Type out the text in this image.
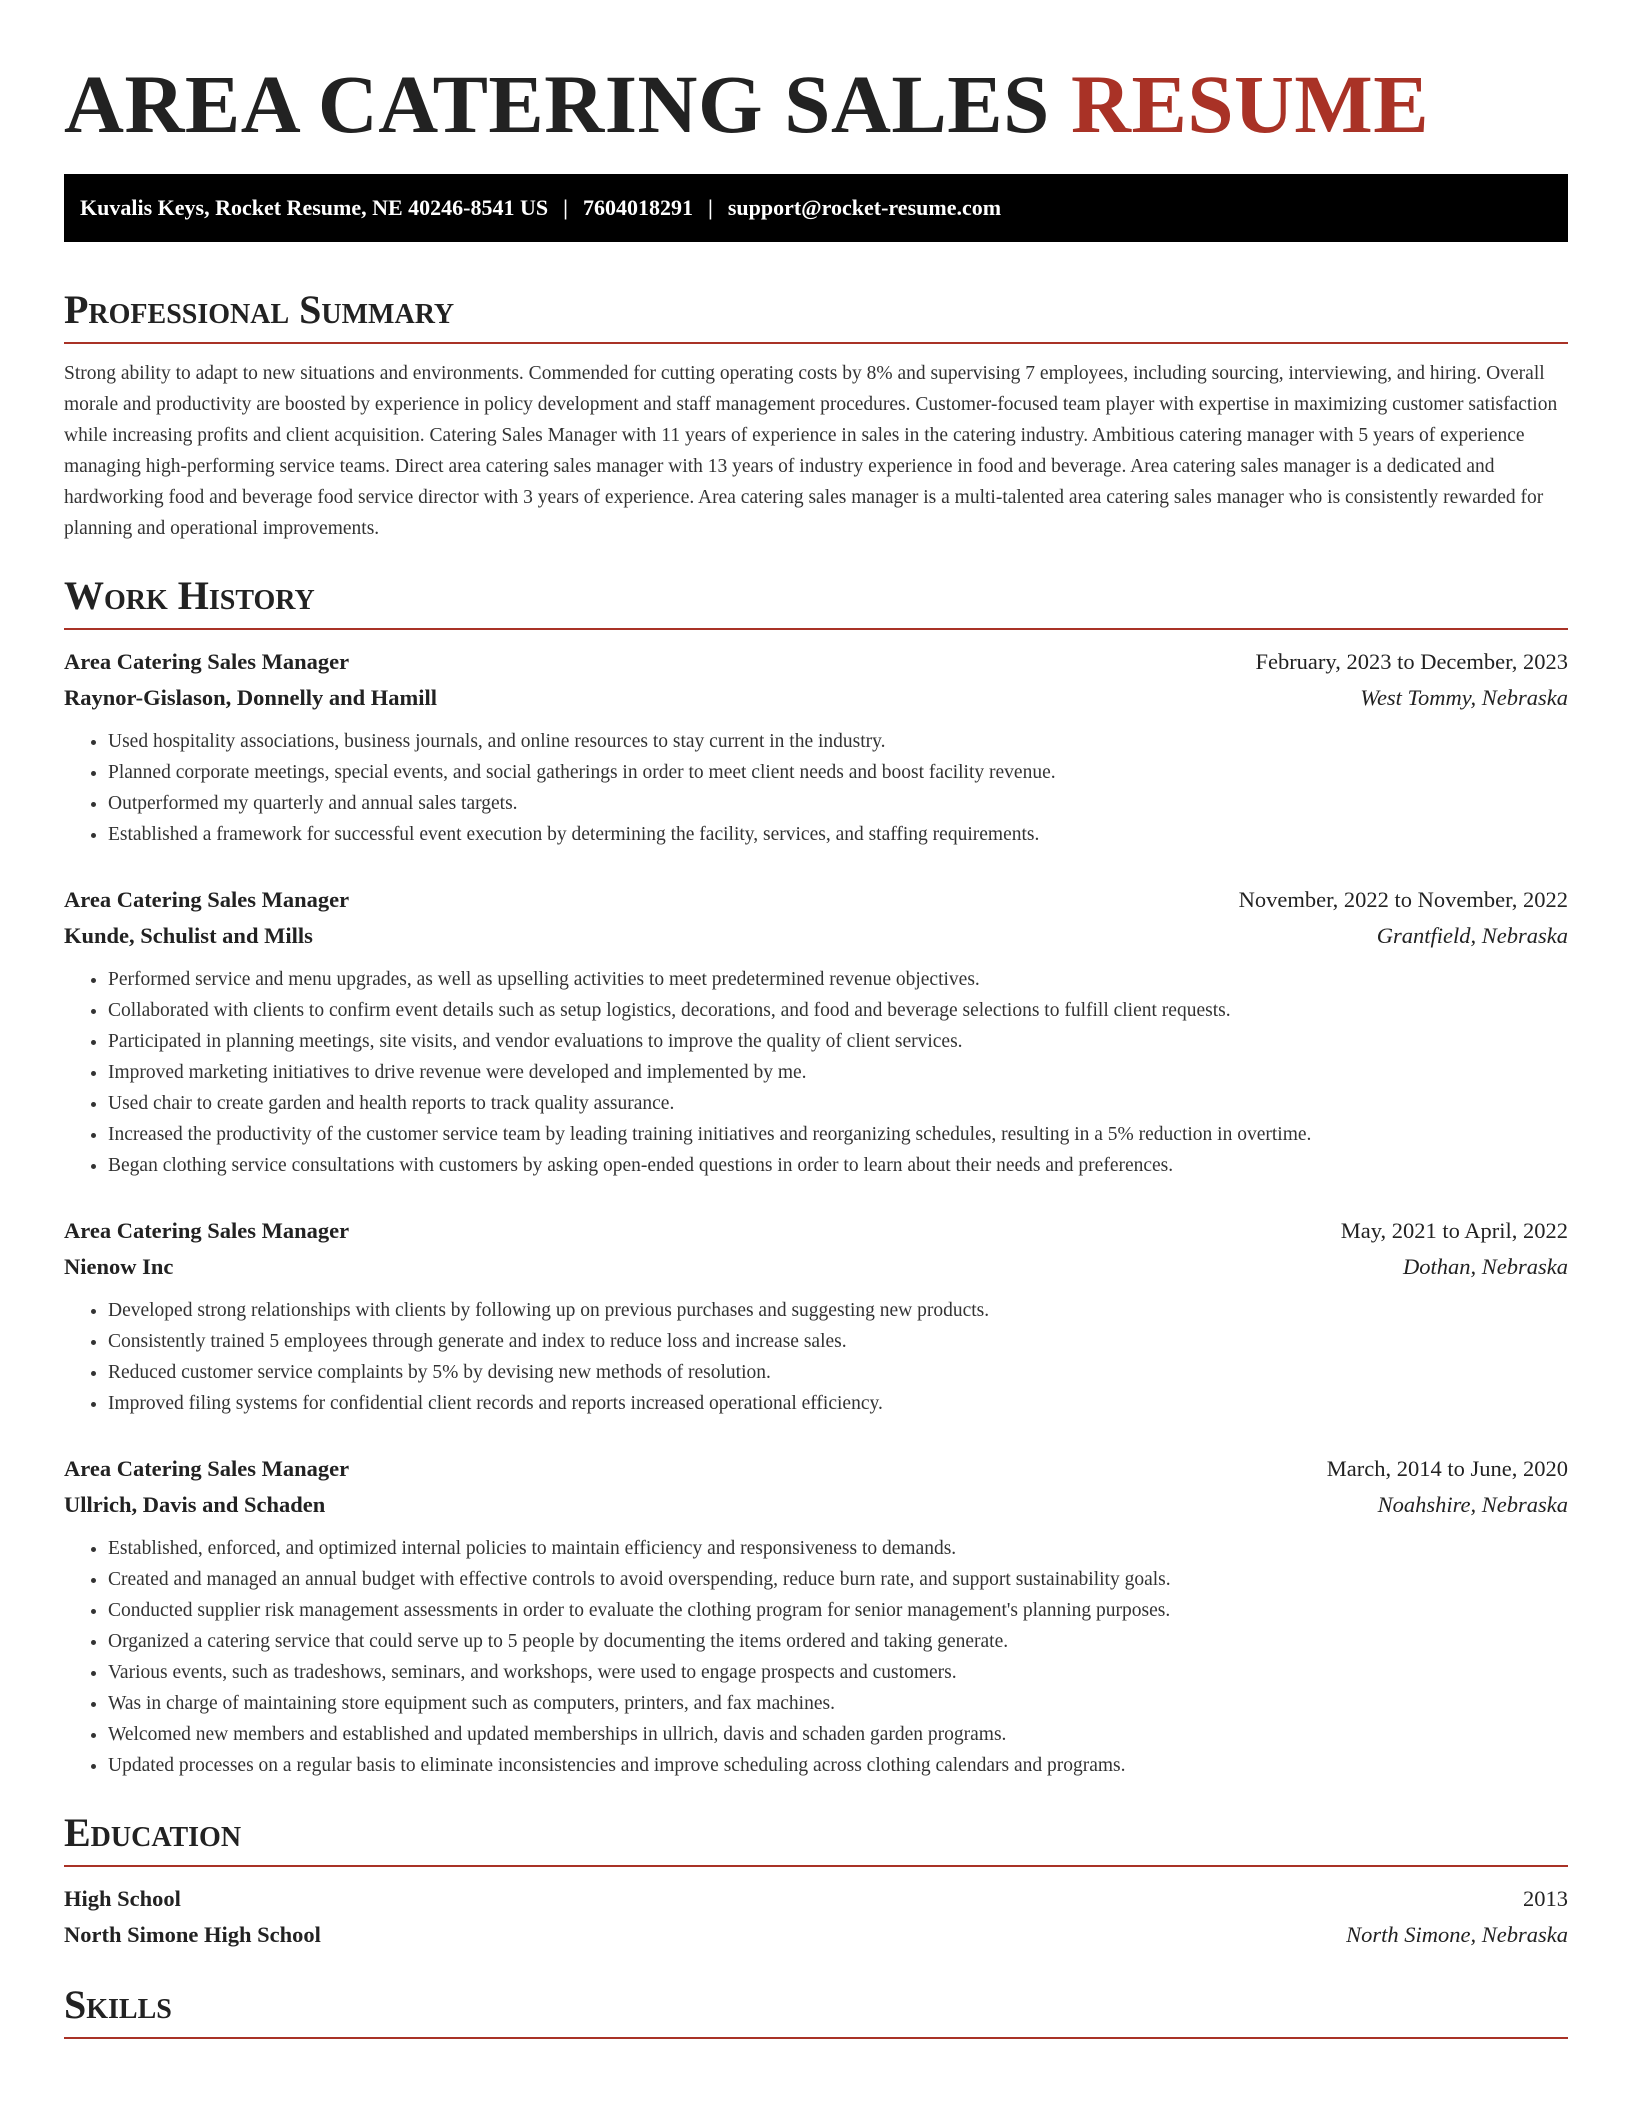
AREA CATERING SALES RESUME
Kuvalis Keys, Rocket Resume, NE 40246-8541 US | 7604018291 | support@rocket-resume.com
Professional Summary

Strong ability to adapt to new situations and environments. Commended for cutting operating costs by 8% and supervising 7 employees, including sourcing, interviewing, and hiring. Overall morale and productivity are boosted by experience in policy development and staff management procedures. Customer-focused team player with expertise in maximizing customer satisfaction while increasing profits and client acquisition. Catering Sales Manager with 11 years of experience in sales in the catering industry. Ambitious catering manager with 5 years of experience managing high-performing service teams. Direct area catering sales manager with 13 years of industry experience in food and beverage. Area catering sales manager is a dedicated and hardworking food and beverage food service director with 3 years of experience. Area catering sales manager is a multi-talented area catering sales manager who is consistently rewarded for planning and operational improvements.

Work History
Area Catering Sales Manager	February, 2023 to December, 2023
Raynor-Gislason, Donnelly and Hamill	West Tommy, Nebraska
• Used hospitality associations, business journals, and online resources to stay current in the industry.
• Planned corporate meetings, special events, and social gatherings in order to meet client needs and boost facility revenue.
• Outperformed my quarterly and annual sales targets.
• Established a framework for successful event execution by determining the facility, services, and staffing requirements.
Area Catering Sales Manager	November, 2022 to November, 2022
Kunde, Schulist and Mills	Grantfield, Nebraska
• Performed service and menu upgrades, as well as upselling activities to meet predetermined revenue objectives.
• Collaborated with clients to confirm event details such as setup logistics, decorations, and food and beverage selections to fulfill client requests.
• Participated in planning meetings, site visits, and vendor evaluations to improve the quality of client services.
• Improved marketing initiatives to drive revenue were developed and implemented by me.
• Used chair to create garden and health reports to track quality assurance.
• Increased the productivity of the customer service team by leading training initiatives and reorganizing schedules, resulting in a 5% reduction in overtime.
• Began clothing service consultations with customers by asking open-ended questions in order to learn about their needs and preferences.
Area Catering Sales Manager	May, 2021 to April, 2022
Nienow Inc	Dothan, Nebraska
• Developed strong relationships with clients by following up on previous purchases and suggesting new products.
• Consistently trained 5 employees through generate and index to reduce loss and increase sales.
• Reduced customer service complaints by 5% by devising new methods of resolution.
• Improved filing systems for confidential client records and reports increased operational efficiency.
Area Catering Sales Manager	March, 2014 to June, 2020
Ullrich, Davis and Schaden	Noahshire, Nebraska
• Established, enforced, and optimized internal policies to maintain efficiency and responsiveness to demands.
• Created and managed an annual budget with effective controls to avoid overspending, reduce burn rate, and support sustainability goals.
• Conducted supplier risk management assessments in order to evaluate the clothing program for senior management's planning purposes.
• Organized a catering service that could serve up to 5 people by documenting the items ordered and taking generate.
• Various events, such as tradeshows, seminars, and workshops, were used to engage prospects and customers.
• Was in charge of maintaining store equipment such as computers, printers, and fax machines.
• Welcomed new members and established and updated memberships in ullrich, davis and schaden garden programs.
• Updated processes on a regular basis to eliminate inconsistencies and improve scheduling across clothing calendars and programs.
Education
High School	2013
North Simone High School	North Simone, Nebraska
Skills
